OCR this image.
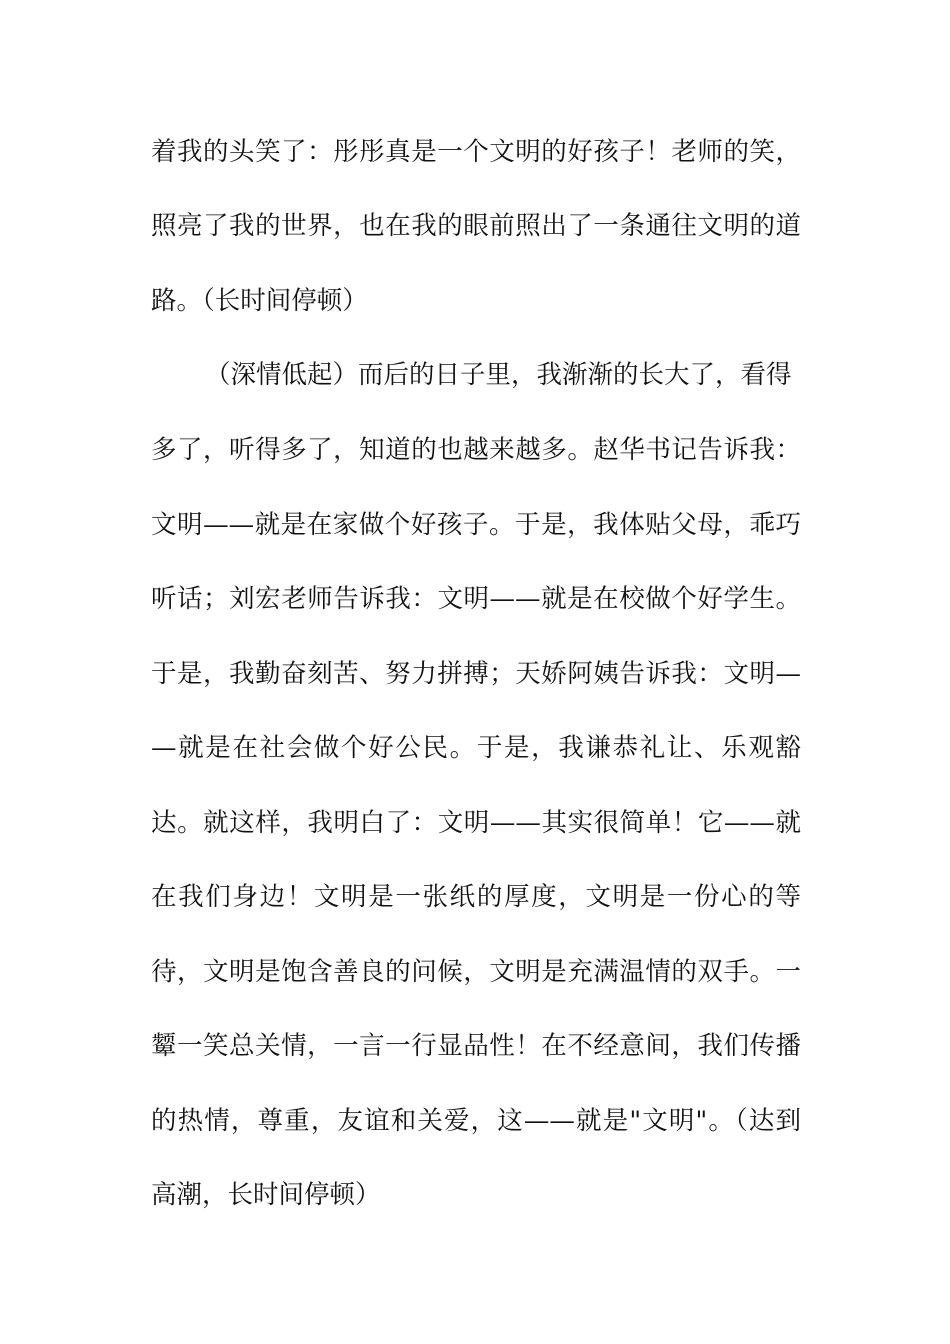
着我的头笑了：彤彤真是一个文明的好孩子！老师的笑，
照亮了我的世界，也在我的眼前照出了一条通往文明的道
路。（长时间停顿）
（深情低起）而后的日子里，我渐渐的长大了，看得
多了，听得多了，知道的也越来越多。赵华书记告诉我：
文明——就是在家做个好孩子。于是，我体贴父母，乖巧
听话；刘宏老师告诉我：文明——就是在校做个好学生。
于是，我勤奋刻苦、努力拼搏；天娇阿姨告诉我：文明—
—就是在社会做个好公民。于是，我谦恭礼让、乐观豁
达。就这样，我明白了：文明——其实很简单！它——就
在我们身边！文明是一张纸的厚度，文明是一份心的等
待，文明是饱含善良的问候，文明是充满温情的双手。一
颦一笑总关情，一言一行显品性！在不经意间，我们传播
的热情，尊重，友谊和关爱，这——就是"文明"。（达到
高潮，长时间停顿）
